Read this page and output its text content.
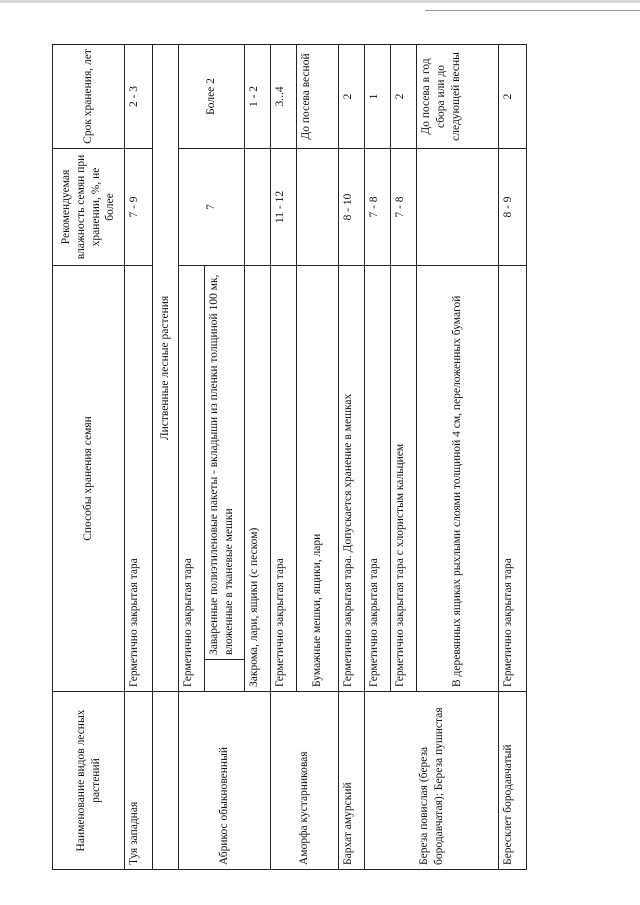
Наименование видов лесных растений	Способы хранения семян		Рекомендуемая влажность семян при хранении, %, не более	Срок хранения, лет
Туя западная	Герметично закрытая тара		7 - 9	2 - 3
	Лиственные лесные растения			
Абрикос обыкновенный	Герметично закрытая тара		7	Более 2
		Заваренные полиэтиленовые пакеты - вкладыши из пленки толщиной 100 мк, вложенные в тканевые мешки		
	Закрома, лари, ящики (с песком)			1 - 2
Аморфа кустарниковая	Герметично закрытая тара		11 - 12	3...4
	Бумажные мешки, ящики, лари			До посева весной
Бархат амурский	Герметично закрытая тара. Допускается хранение в мешках		8 - 10	2
Береза повислая (береза бородавчатая); Береза пушистая	Герметично закрытая тара		7 - 8	1
	Герметично закрытая тара с хлористым кальцием		7 - 8	2
	В деревянных ящиках рыхлыми слоями толщиной 4 см, переложенных бумагой			До посева в год сбора или до следующей весны
Бересклет бородавчатый	Герметично закрытая тара		8 - 9	2
